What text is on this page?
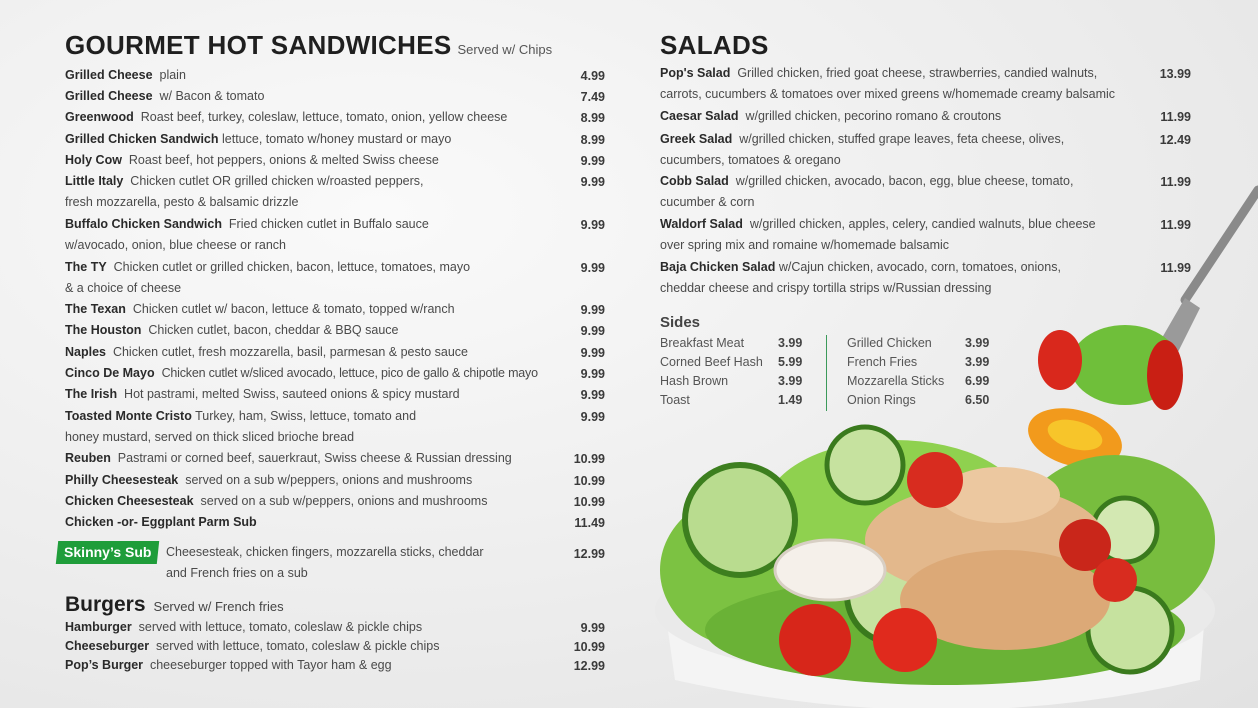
GOURMET HOT SANDWICHES Served w/ Chips
Grilled Cheese plain	4.99
Grilled Cheese w/ Bacon & tomato	7.49
Greenwood Roast beef, turkey, coleslaw, lettuce, tomato, onion, yellow cheese	8.99
Grilled Chicken Sandwich lettuce, tomato w/honey mustard or mayo	8.99
Holy Cow Roast beef, hot peppers, onions & melted Swiss cheese	9.99
Little Italy Chicken cutlet OR grilled chicken w/roasted peppers,
fresh mozzarella, pesto & balsamic drizzle
9.99
Buffalo Chicken Sandwich Fried chicken cutlet in Buffalo sauce
w/avocado, onion, blue cheese or ranch
9.99
The TY Chicken cutlet or grilled chicken, bacon, lettuce, tomatoes, mayo
& a choice of cheese
9.99
The Texan Chicken cutlet w/ bacon, lettuce & tomato, topped w/ranch	9.99
The Houston Chicken cutlet, bacon, cheddar & BBQ sauce	9.99
Naples Chicken cutlet, fresh mozzarella, basil, parmesan & pesto sauce	9.99
Cinco De Mayo Chicken cutlet w/sliced avocado, lettuce, pico de gallo & chipotle mayo	9.99
The Irish Hot pastrami, melted Swiss, sauteed onions & spicy mustard	9.99
Toasted Monte Cristo Turkey, ham, Swiss, lettuce, tomato and
honey mustard, served on thick sliced brioche bread
9.99
Reuben Pastrami or corned beef, sauerkraut, Swiss cheese & Russian dressing	10.99
Philly Cheesesteak served on a sub w/peppers, onions and mushrooms	10.99
Chicken Cheesesteak served on a sub w/peppers, onions and mushrooms	10.99
Chicken -or- Eggplant Parm Sub	11.49
Skinny’s Sub	Cheesesteak, chicken fingers, mozzarella sticks, cheddar
and French fries on a sub
12.99
Burgers Served w/ French fries
Hamburger served with lettuce, tomato, coleslaw & pickle chips	9.99
Cheeseburger served with lettuce, tomato, coleslaw & pickle chips	10.99
Pop’s Burger cheeseburger topped with Tayor ham & egg	12.99
SALADS
Pop's Salad Grilled chicken, fried goat cheese, strawberries, candied walnuts,
carrots, cucumbers & tomatoes over mixed greens w/homemade creamy balsamic
13.99
Caesar Salad w/grilled chicken, pecorino romano & croutons	11.99
Greek Salad w/grilled chicken, stuffed grape leaves, feta cheese, olives,
cucumbers, tomatoes & oregano
12.49
Cobb Salad w/grilled chicken, avocado, bacon, egg, blue cheese, tomato,
cucumber & corn
11.99
Waldorf Salad w/grilled chicken, apples, celery, candied walnuts, blue cheese
over spring mix and romaine w/homemade balsamic
11.99
Baja Chicken Salad w/Cajun chicken, avocado, corn, tomatoes, onions,
cheddar cheese and crispy tortilla strips w/Russian dressing
11.99
Sides
Breakfast Meat	3.99
Corned Beef Hash 5.99
Hash Brown	3.99
Toast	1.49
Grilled Chicken	3.99
French Fries	3.99
Mozzarella Sticks 6.99
Onion Rings	6.50
